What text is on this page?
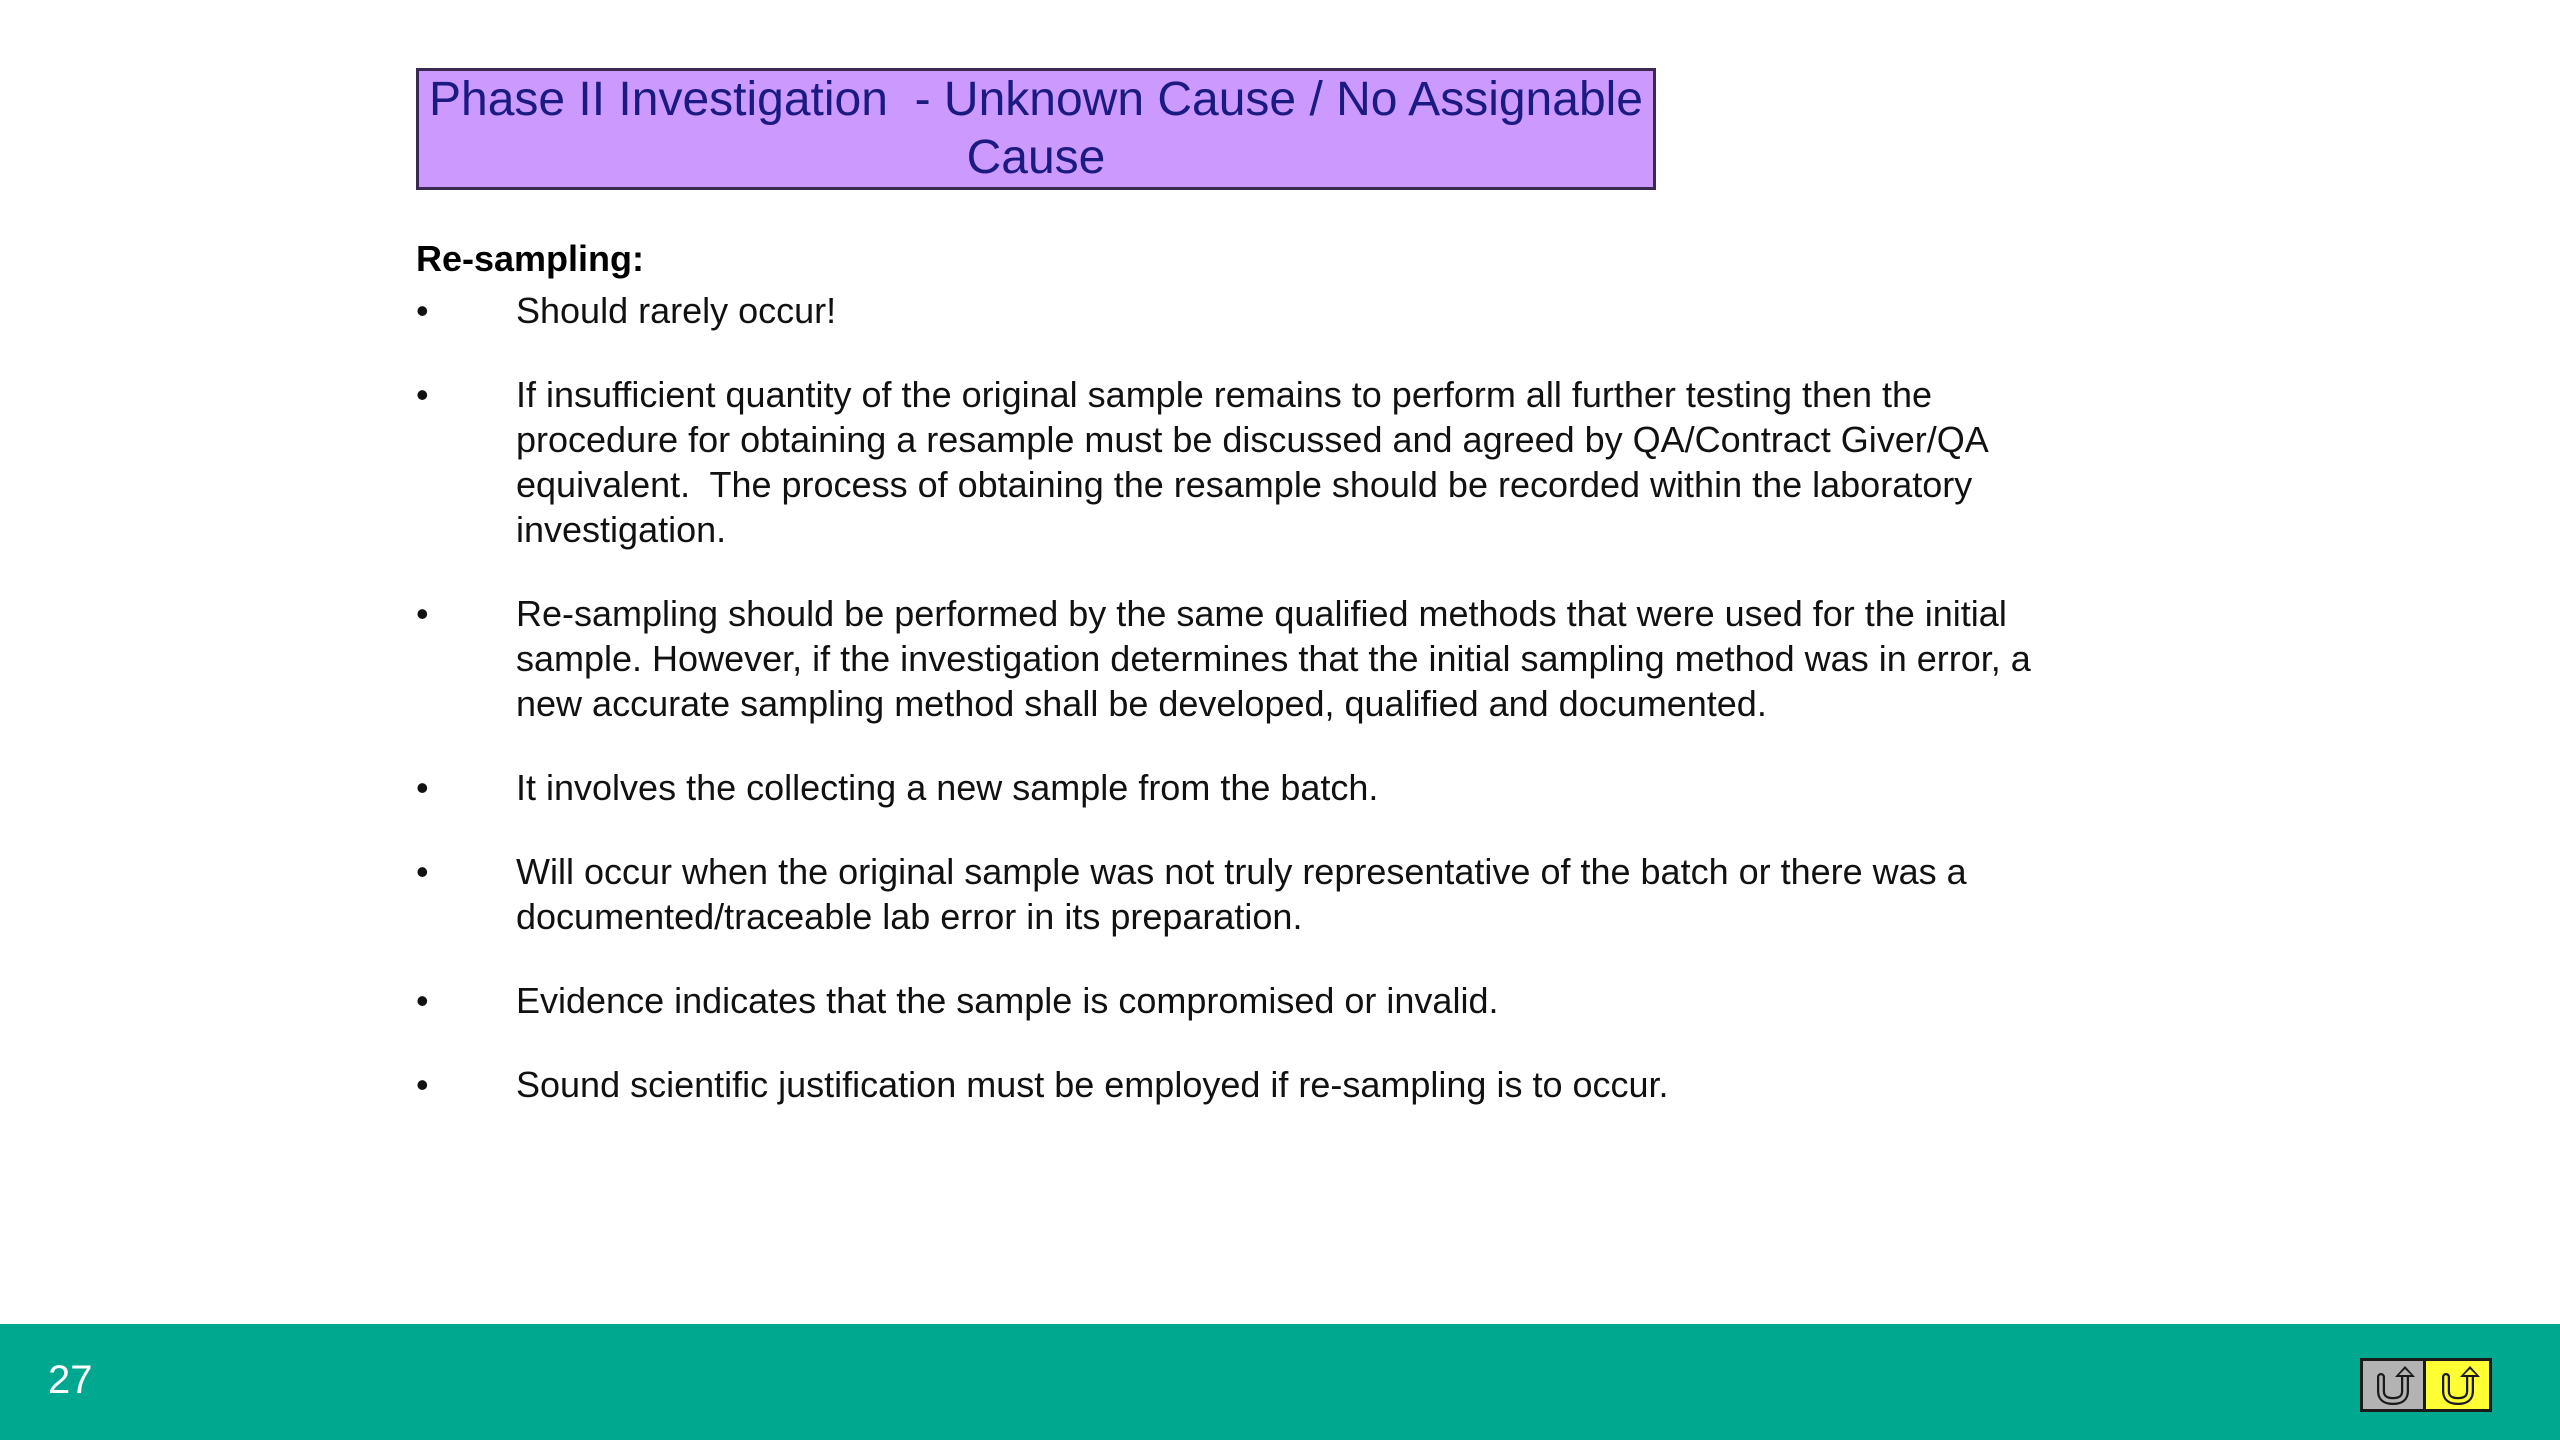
Phase II Investigation  - Unknown Cause / No Assignable Cause
Re-sampling:
•	Should rarely occur!
•	If insufficient quantity of the original sample remains to perform all further testing then the procedure for obtaining a resample must be discussed and agreed by QA/Contract Giver/QA equivalent.  The process of obtaining the resample should be recorded within the laboratory investigation.
•	Re-sampling should be performed by the same qualified methods that were used for the initial sample. However, if the investigation determines that the initial sampling method was in error, a new accurate sampling method shall be developed, qualified and documented.
•	It involves the collecting a new sample from the batch.
•	Will occur when the original sample was not truly representative of the batch or there was a documented/traceable lab error in its preparation.
•	Evidence indicates that the sample is compromised or invalid.
•	Sound scientific justification must be employed if re-sampling is to occur.
27
